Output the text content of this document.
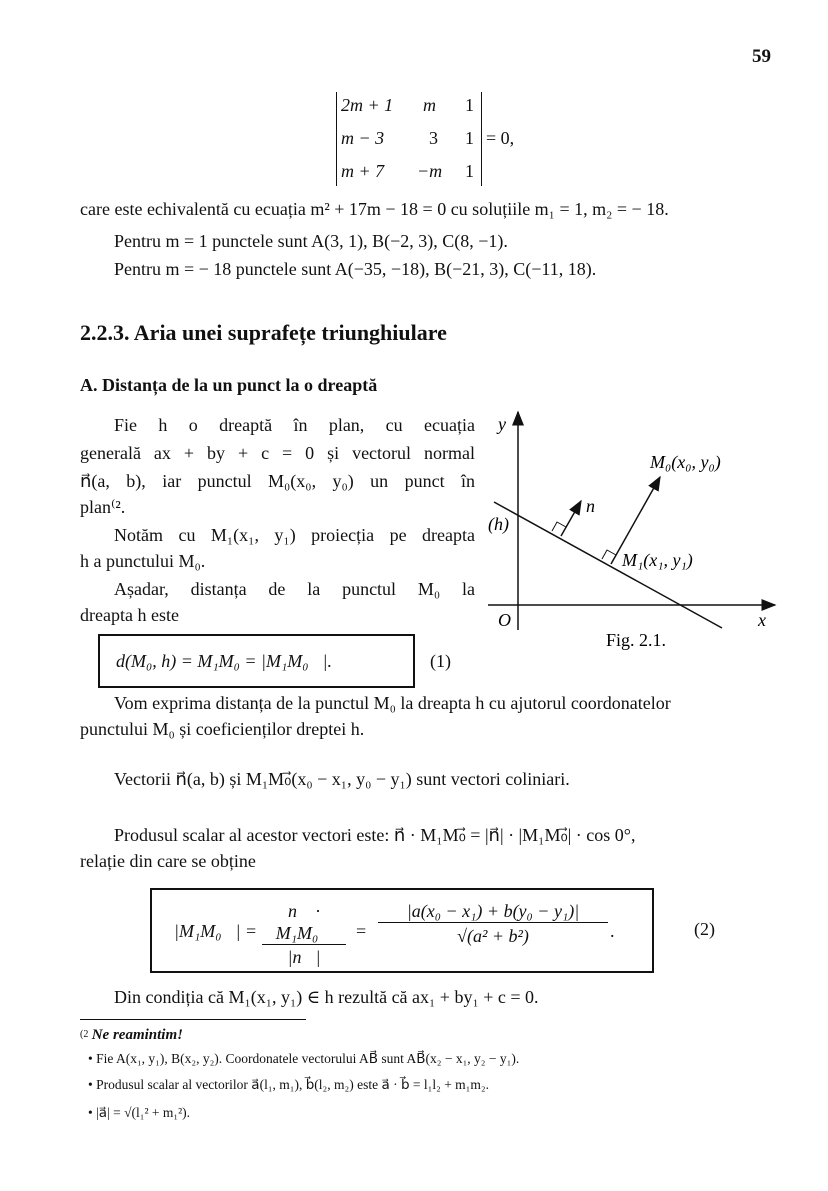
59
2m + 1 m 1
m − 3 3 1
m + 7 −m 1
= 0,
care este echivalentă cu ecuația m² + 17m − 18 = 0 cu soluțiile m₁ = 1, m₂ = − 18.
Pentru m = 1 punctele sunt A(3, 1), B(−2, 3), C(8, −1).
Pentru m = − 18 punctele sunt A(−35, −18), B(−21, 3), C(−11, 18).
2.2.3. Aria unei suprafețe triunghiulare
A. Distanța de la un punct la o dreaptă
Fie h o dreaptă în plan, cu ecuația
generală ax + by + c = 0 și vectorul normal
n⃗(a, b), iar punctul M₀(x₀, y₀) un punct în
plan⁽².
Notăm cu M₁(x₁, y₁) proiecția pe dreapta
h a punctului M₀.
Așadar, distanța de la punctul M₀ la
dreapta h este
d(M₀, h) = M₁M₀ = |M₁M₀⃗|.	(1)
y
x
O
(h)
n⃗
M₀(x₀, y₀)
M₁(x₁, y₁)
Fig. 2.1.
Vom exprima distanța de la punctul M₀ la dreapta h cu ajutorul coordonatelor
punctului M₀ și coeficienților dreptei h.
Vectorii n⃗(a, b) și M₁M₀⃗(x₀ − x₁, y₀ − y₁) sunt vectori coliniari.
Produsul scalar al acestor vectori este: n⃗ · M₁M₀⃗ = |n⃗| · |M₁M₀⃗| · cos 0°,
relație din care se obține
|M₁M₀⃗| = $\frac{\text{n⃗ · M₁M₀⃗}}{|n⃗|} = \frac{\text{|a(x₀ − x₁) + b(y₀ − y₁)|}}{\text{√(a² + b²)}}$ .	(2)
Din condiția că M₁(x₁, y₁) ∈ h rezultă că ax₁ + by₁ + c = 0.
$^{(2}$ Ne reamintim!
• Fie A(x₁, y₁), B(x₂, y₂). Coordonatele vectorului AB⃗ sunt AB⃗(x₂ − x₁, y₂ − y₁).
• Produsul scalar al vectorilor a⃗(l₁, m₁), b⃗(l₂, m₂) este a⃗ · b⃗ = l₁l₂ + m₁m₂.
• |a⃗| = √(l₁² + m₁²).
